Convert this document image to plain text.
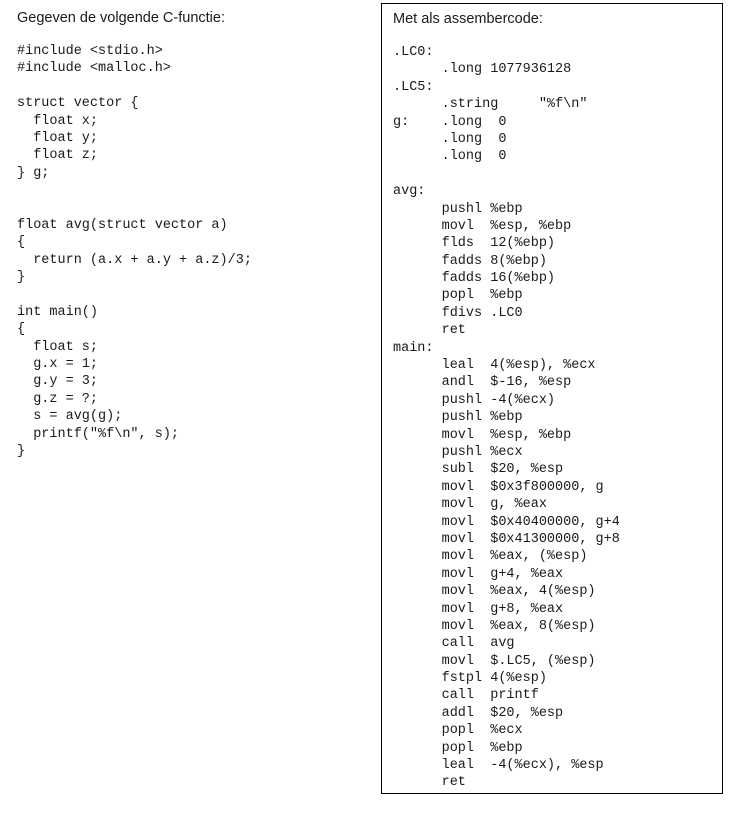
Gegeven de volgende C-functie:
#include <stdio.h>
#include <malloc.h>
struct vector {
float x;
float y;
float z;
} g;
float avg(struct vector a)
{
return (a.x + a.y + a.z)/3;
}
int main()
{
float s;
g.x = 1;
g.y = 3;
g.z = ?;
s = avg(g);
printf("%f\n", s);
}
Met als assembercode:
.LC0:
.long 1077936128
.LC5:
.string     "%f\n"
g:    .long  0
.long  0
.long  0
avg:
pushl %ebp
movl  %esp, %ebp
flds  12(%ebp)
fadds 8(%ebp)
fadds 16(%ebp)
popl  %ebp
fdivs .LC0
ret
main:
leal  4(%esp), %ecx
andl  $-16, %esp
pushl -4(%ecx)
pushl %ebp
movl  %esp, %ebp
pushl %ecx
subl  $20, %esp
movl  $0x3f800000, g
movl  g, %eax
movl  $0x40400000, g+4
movl  $0x41300000, g+8
movl  %eax, (%esp)
movl  g+4, %eax
movl  %eax, 4(%esp)
movl  g+8, %eax
movl  %eax, 8(%esp)
call  avg
movl  $.LC5, (%esp)
fstpl 4(%esp)
call  printf
addl  $20, %esp
popl  %ecx
popl  %ebp
leal  -4(%ecx), %esp
ret
